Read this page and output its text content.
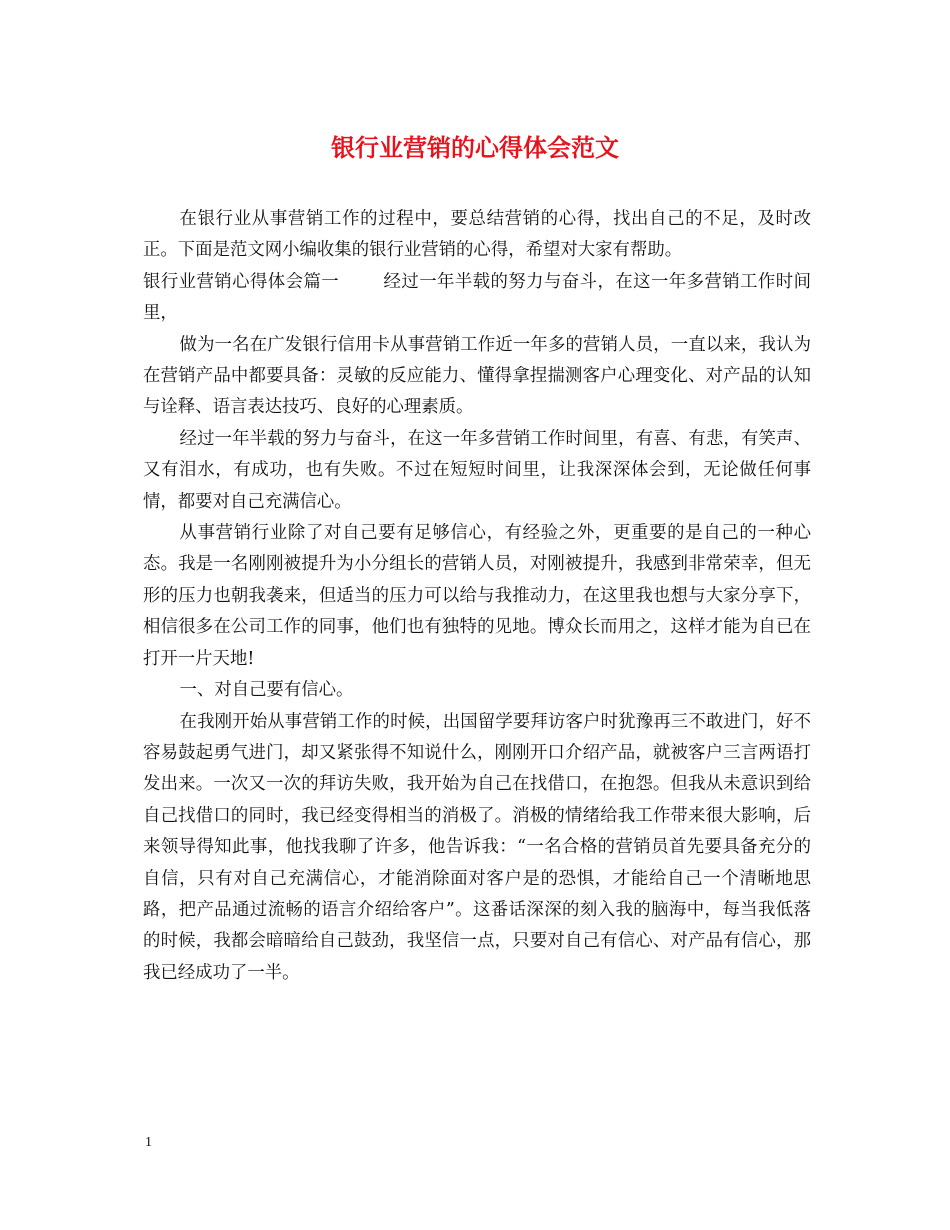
银行业营销的心得体会范文

在银行业从事营销工作的过程中，要总结营销的心得，找出自己的不足，及时改正。下面是范文网小编收集的银行业营销的心得，希望对大家有帮助。

银行业营销心得体会篇一	经过一年半载的努力与奋斗，在这一年多营销工作时间里，

做为一名在广发银行信用卡从事营销工作近一年多的营销人员，一直以来，我认为在营销产品中都要具备：灵敏的反应能力、懂得拿捏揣测客户心理变化、对产品的认知与诠释、语言表达技巧、良好的心理素质。

经过一年半载的努力与奋斗，在这一年多营销工作时间里，有喜、有悲，有笑声、又有泪水，有成功，也有失败。不过在短短时间里，让我深深体会到，无论做任何事情，都要对自己充满信心。

从事营销行业除了对自己要有足够信心，有经验之外，更重要的是自己的一种心态。我是一名刚刚被提升为小分组长的营销人员，对刚被提升，我感到非常荣幸，但无形的压力也朝我袭来，但适当的压力可以给与我推动力，在这里我也想与大家分享下，相信很多在公司工作的同事，他们也有独特的见地。博众长而用之，这样才能为自已在打开一片天地!

一、对自己要有信心。

在我刚开始从事营销工作的时候，出国留学要拜访客户时犹豫再三不敢进门，好不容易鼓起勇气进门，却又紧张得不知说什么，刚刚开口介绍产品，就被客户三言两语打发出来。一次又一次的拜访失败，我开始为自己在找借口，在抱怨。但我从未意识到给自己找借口的同时，我已经变得相当的消极了。消极的情绪给我工作带来很大影响，后来领导得知此事，他找我聊了许多，他告诉我：“一名合格的营销员首先要具备充分的自信，只有对自己充满信心，才能消除面对客户是的恐惧，才能给自己一个清晰地思路，把产品通过流畅的语言介绍给客户”。这番话深深的刻入我的脑海中，每当我低落的时候，我都会暗暗给自己鼓劲，我坚信一点，只要对自己有信心、对产品有信心，那我已经成功了一半。

1
